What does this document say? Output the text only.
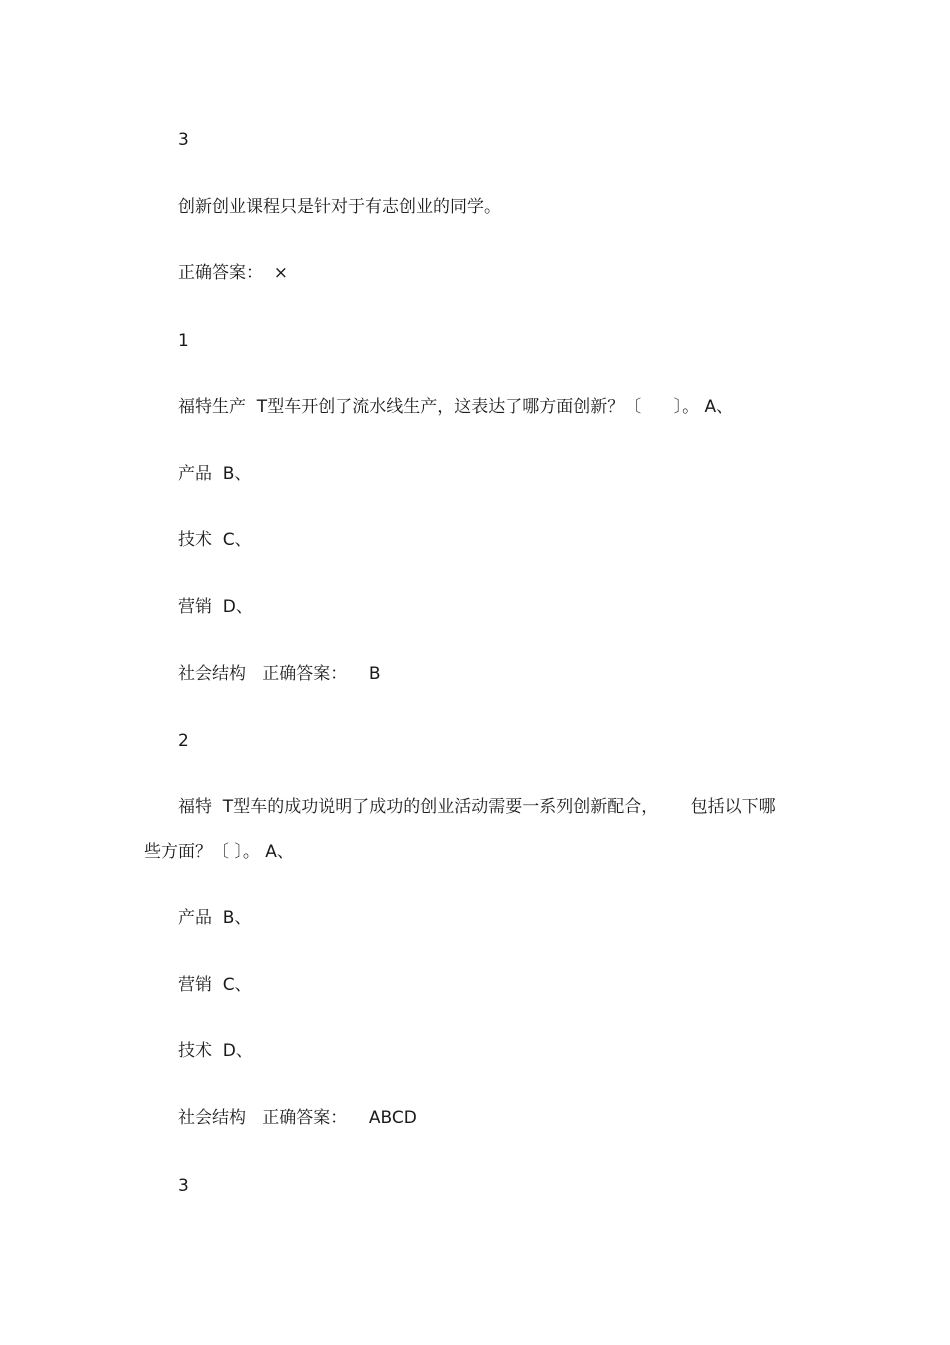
3
创新创业课程只是针对于有志创业的同学。
正确答案：  ×
1
福特生产  T型车开创了流水线生产，这表达了哪方面创新？〔      〕。 A、
产品  B、
技术  C、
营销  D、
社会结构   正确答案：    B
2
福特  T型车的成功说明了成功的创业活动需要一系列创新配合，      包括以下哪
些方面？〔 〕。 A、
产品  B、
营销  C、
技术  D、
社会结构   正确答案：    ABCD
3
